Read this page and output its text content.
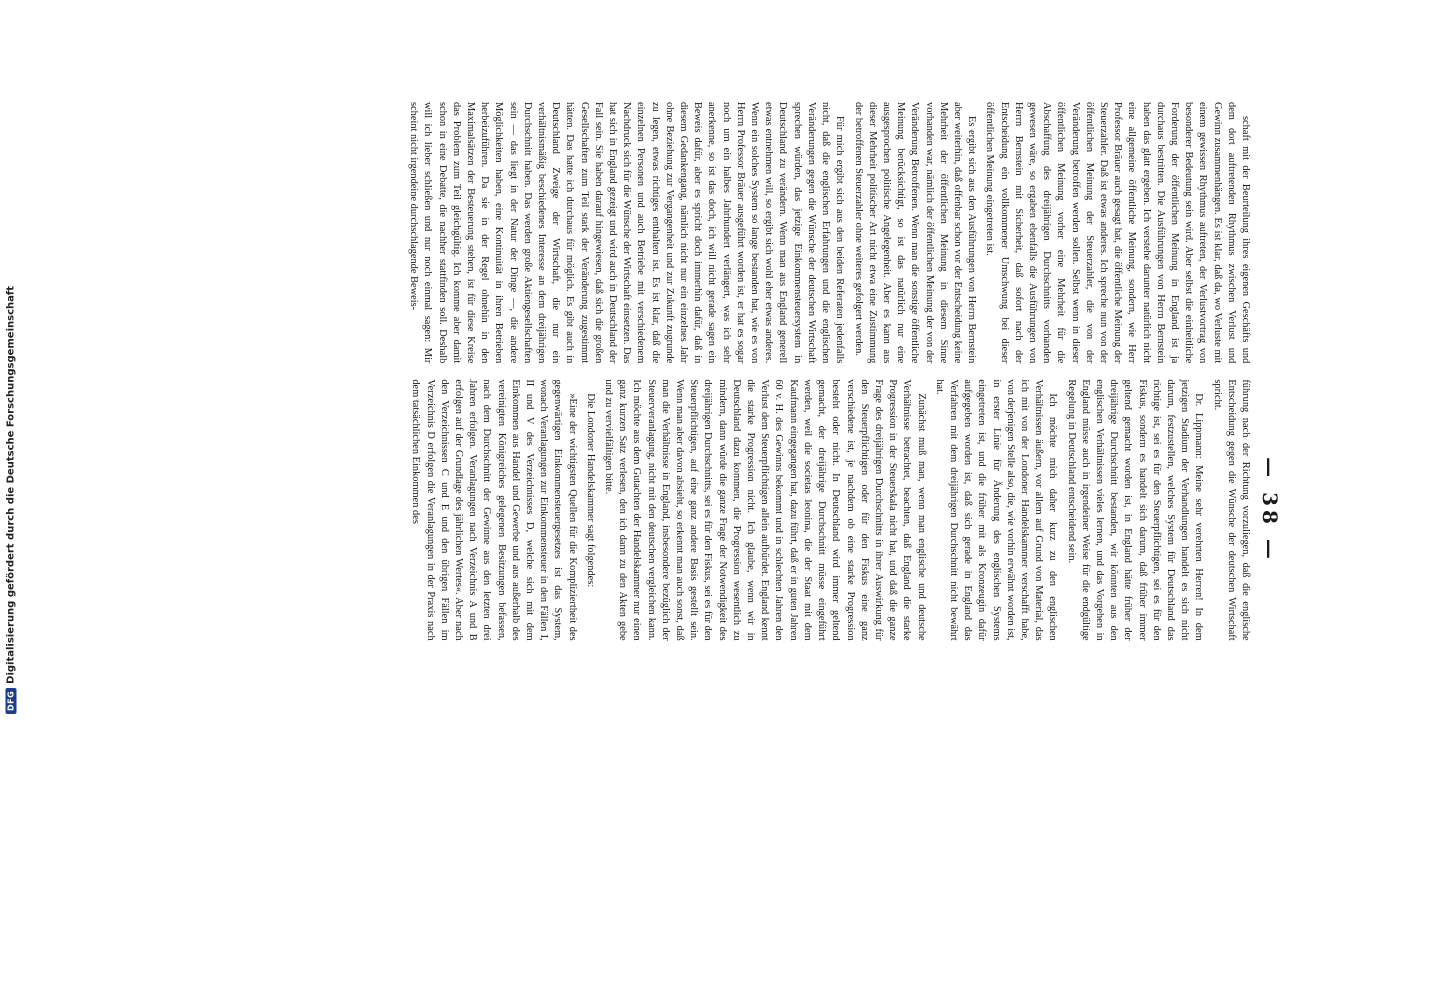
DFG
Digitalisierung gefördert durch die Deutsche Forschungsgemeinschaft	— 38 —

schaft mit der Beurteilung ihres eigenen Geschäfts und dem dort auftretenden Rhythmus zwischen Verlust und Gewinn zusammenhängen. Es ist klar, daß da, wo Verluste mit einem gewissen Rhythmus auftreten, der Verlustvortrag von besonderer Bedeutung sein wird. Aber selbst die einheitliche Forderung der öffentlichen Meinung in England ist ja durchaus bestritten. Die Ausführungen von Herrn Bernstein haben das glatt ergeben. Ich verstehe darunter natürlich nicht eine allgemeine öffentliche Meinung, sondern, wie Herr Professor Bräuer auch gesagt hat, die öffentliche Meinung der Steuerzahler. Daß ist etwas anderes. Ich spreche nun von der öffentlichen Meinung der Steuerzahler, die von der Veränderung betroffen werden sollen. Selbst wenn in dieser öffentlichen Meinung vorher eine Mehrheit für die Abschaffung des dreijährigen Durchschnitts vorhanden gewesen wäre, so ergaben ebenfalls die Ausführungen von Herrn Bernstein mit Sicherheit, daß sofort nach der Entscheidung ein vollkommener Umschwung bei dieser öffentlichen Meinung eingetreten ist.

Es ergibt sich aus den Ausführungen von Herrn Bernstein aber weiterhin, daß offenbar schon vor der Entscheidung keine Mehrheit der öffentlichen Meinung in diesem Sinne vorhanden war, nämlich der öffentlichen Meinung der von der Veränderung Betroffenen. Wenn man die sonstige öffentliche Meinung berücksichtigt, so ist das natürlich nur eine ausgesprochen politische Angelegenheit. Aber es kann aus dieser Mehrheit politischer Art nicht etwa eine Zustimmung der betroffenen Steuerzahler ohne weiteres gefolgert werden.

Für mich ergibt sich aus den beiden Referaten jedenfalls nicht, daß die englischen Erfahrungen und die englischen Veränderungen gegen die Wünsche der deutschen Wirtschaft sprechen würden, das jetzige Einkommensteuersystem in Deutschland zu verändern. Wenn man aus England generell etwas entnehmen will, so ergibt sich wohl eher etwas anderes. Wenn ein solches System so lange bestanden hat, wie es von Herrn Professor Bräuer ausgeführt worden ist, er hat es sogar noch um ein halbes Jahrhundert verlängert, was ich sehr anerkenne, so ist das doch, ich will nicht gerade sagen ein Beweis dafür, aber es spricht doch immerhin dafür, daß in diesem Gedankengang, nämlich nicht nur ein einzelnes Jahr ohne Beziehung zur Vergangenheit und zur Zukunft zugrunde zu legen, etwas richtiges enthalten ist. Es ist klar, daß die einzelnen Personen und auch Betriebe mit verschiedenem Nachdruck sich für die Wünsche der Wirtschaft einsetzen. Das hat sich in England gezeigt und wird auch in Deutschland der Fall sein. Sie haben darauf hingewiesen, daß sich die großen Gesellschaften zum Teil stark der Veränderung zugestimmt hätten. Das hatte ich durchaus für möglich. Es gibt auch in Deutschland Zweige der Wirtschaft, die nur ein verhältnismäßig beschiedenes Interesse an dem dreijährigen Durchschnitt haben. Das werden große Aktiengesellschaften sein — das liegt in der Natur der Dinge —, die andere Möglichkeiten haben, eine Kontinuität in ihren Betrieben herbeizuführen. Da sie in der Regel ohnehin in den Maximalsätzen der Besteuerung stehen, ist für diese Kreise das Problem zum Teil gleichgültig. Ich komme aber damit schon in eine Debatte, die nachher stattfinden soll. Deshalb will ich lieber schließen und nur noch einmal sagen: Mir scheint nicht irgendeine durchschlagende Beweis-

führung nach der Richtung vorzuliegen, daß die englische Entscheidung gegen die Wünsche der deutschen Wirtschaft spricht.

Dr. Lippmann: Meine sehr verehrten Herren! In dem jetzigen Stadium der Verhandlungen handelt es sich nicht darum, festzustellen, welches System für Deutschland das richtige ist, sei es für den Steuerpflichtigen, sei es für den Fiskus, sondern es handelt sich darum, daß früher immer geltend gemacht worden ist, in England hätte früher der dreijährige Durchschnitt bestanden, wir könnten aus den englischen Verhältnissen vieles lernen, und das Vorgehen in England müsse auch in irgendeiner Weise für die endgültige Regelung in Deutschland entscheidend sein.

Ich möchte mich daher kurz zu den englischen Verhältnissen äußern, vor allem auf Grund von Material, das ich mit von der Londoner Handelskammer verschafft habe, von derjenigen Stelle also, die, wie vorhin erwähnt worden ist, in erster Linie für Änderung des englischen Systems eingetreten ist, und die früher mit als Kronzeugin dafür aufgegeben worden ist, daß sich gerade in England das Verfahren mit dem dreijährigen Durchschnitt nicht bewährt hat.

Zunächst muß man, wenn man englische und deutsche Verhältnisse betrachtet, beachten, daß England die starke Progression in der Steuerskala nicht hat, und daß die ganze Frage des dreijährigen Durchschnitts in ihrer Auswirkung für den Steuerpflichtigen oder für den Fiskus eine ganz verschiedene ist, je nachdem ob eine starke Progression besteht oder nicht. In Deutschland wird immer geltend gemacht, der dreijährige Durchschnitt müsse eingeführt werden, weil die societas leonina, die der Staat mit dem Kaufmann eingegangen hat, dazu führt, daß er in guten Jahren 60 v. H. des Gewinns bekommt und in schlechten Jahren den Verlust dem Steuerpflichtigen allein aufbürdet. England kennt die starke Progression nicht. Ich glaube, wenn wir in Deutschland dazu kommen, die Progression wesentlich zu mindern, dann würde die ganze Frage der Notwendigkeit des dreijährigen Durchschnitts, sei es für den Fiskus, sei es für den Steuerpflichtigen, auf eine ganz andere Basis gestellt sein. Wenn man aber davon absieht, so erkennt man auch sonst, daß man die Verhältnisse in England, insbesondere bezüglich der Steuerveranlagung, nicht mit den deutschen vergleichen kann. Ich möchte aus dem Gutachten der Handelskammer nur einen ganz kurzen Satz verlesen, den ich dann zu den Akten gebe und zu vervielfältigen bitte.

Die Londoner Handelskammer sagt folgendes:

»Eine der wichtigsten Quellen für die Kompliziertheit des gegenwärtigen Einkommensteuergesetzes ist das System, wonach Veranlagungen zur Einkommensteuer in den Fällen I, II und V des Verzeichnisses D, welche sich mit dem Einkommen aus Handel und Gewerbe und aus außerhalb des vereinigten Königreiches gelegenen Besitzungen befassen, nach dem Durchschnitt der Gewinne aus den letzten drei Jahren erfolgen. Veranlagungen nach Verzeichnis A und B erfolgen auf der Grundlage des jährlichen Wertes«. Aber nach den Verzeichnissen C und E und den übrigen Fällen im Verzeichnis D erfolgen die Veranlagungen in der Praxis nach dem tatsächlichen Einkommen des
